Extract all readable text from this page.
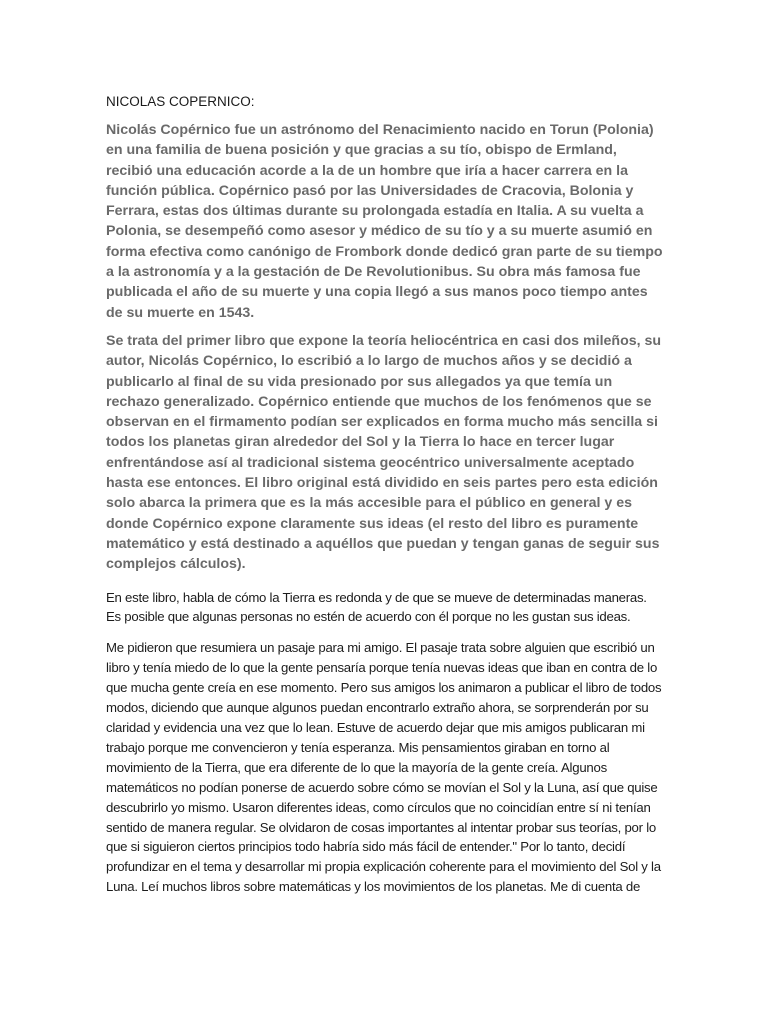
NICOLAS COPERNICO:

Nicolás Copérnico fue un astrónomo del Renacimiento nacido en Torun (Polonia) en una familia de buena posición y que gracias a su tío, obispo de Ermland, recibió una educación acorde a la de un hombre que iría a hacer carrera en la función pública. Copérnico pasó por las Universidades de Cracovia, Bolonia y Ferrara, estas dos últimas durante su prolongada estadía en Italia. A su vuelta a Polonia, se desempeñó como asesor y médico de su tío y a su muerte asumió en forma efectiva como canónigo de Frombork donde dedicó gran parte de su tiempo a la astronomía y a la gestación de De Revolutionibus. Su obra más famosa fue publicada el año de su muerte y una copia llegó a sus manos poco tiempo antes de su muerte en 1543.

Se trata del primer libro que expone la teoría heliocéntrica en casi dos mileños, su autor, Nicolás Copérnico, lo escribió a lo largo de muchos años y se decidió a publicarlo al final de su vida presionado por sus allegados ya que temía un rechazo generalizado. Copérnico entiende que muchos de los fenómenos que se observan en el firmamento podían ser explicados en forma mucho más sencilla si todos los planetas giran alrededor del Sol y la Tierra lo hace en tercer lugar enfrentándose así al tradicional sistema geocéntrico universalmente aceptado hasta ese entonces. El libro original está dividido en seis partes pero esta edición solo abarca la primera que es la más accesible para el público en general y es donde Copérnico expone claramente sus ideas (el resto del libro es puramente matemático y está destinado a aquéllos que puedan y tengan ganas de seguir sus complejos cálculos).

En este libro, habla de cómo la Tierra es redonda y de que se mueve de determinadas maneras. Es posible que algunas personas no estén de acuerdo con él porque no les gustan sus ideas.

Me pidieron que resumiera un pasaje para mi amigo. El pasaje trata sobre alguien que escribió un libro y tenía miedo de lo que la gente pensaría porque tenía nuevas ideas que iban en contra de lo que mucha gente creía en ese momento. Pero sus amigos los animaron a publicar el libro de todos modos, diciendo que aunque algunos puedan encontrarlo extraño ahora, se sorprenderán por su claridad y evidencia una vez que lo lean. Estuve de acuerdo dejar que mis amigos publicaran mi trabajo porque me convencieron y tenía esperanza. Mis pensamientos giraban en torno al movimiento de la Tierra, que era diferente de lo que la mayoría de la gente creía. Algunos matemáticos no podían ponerse de acuerdo sobre cómo se movían el Sol y la Luna, así que quise descubrirlo yo mismo. Usaron diferentes ideas, como círculos que no coincidían entre sí ni tenían sentido de manera regular. Se olvidaron de cosas importantes al intentar probar sus teorías, por lo que si siguieron ciertos principios todo habría sido más fácil de entender." Por lo tanto, decidí profundizar en el tema y desarrollar mi propia explicación coherente para el movimiento del Sol y la Luna. Leí muchos libros sobre matemáticas y los movimientos de los planetas. Me di cuenta de
